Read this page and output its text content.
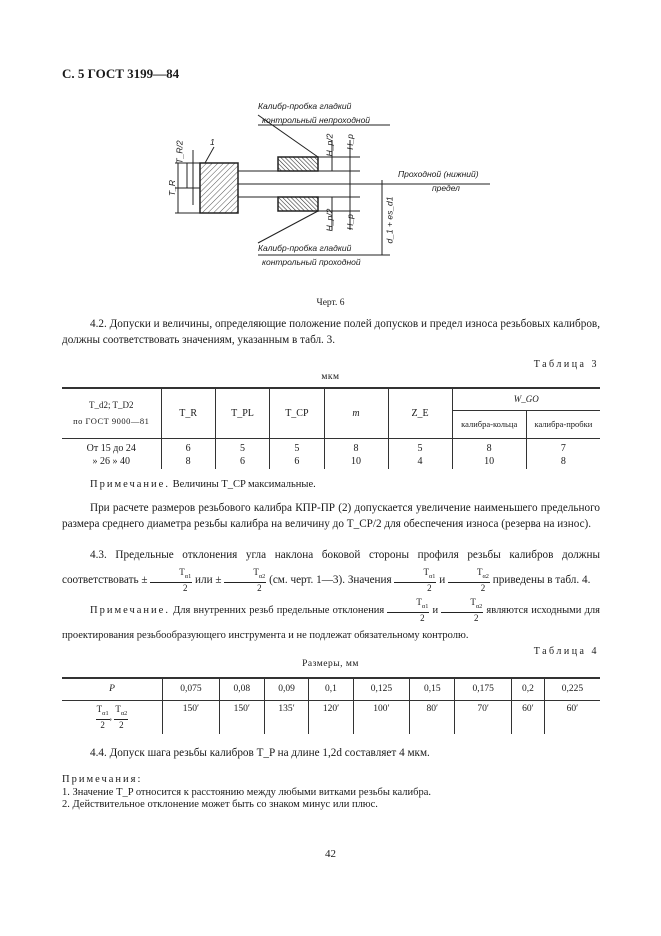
С. 5 ГОСТ 3199—84
Калибр-пробка гладкий
контрольный непроходной
Проходной (нижний)
предел
Калибр-пробка гладкий
контрольный проходной
1
T_R/2
T_R
H_p/2 H_p
H_p/2 H_p	d_1 + es_d1
Черт. 6
4.2. Допуски и величины, определяющие положение полей допусков и предел износа резьбовых калибров, должны соответствовать значениям, указанным в табл. 3.
Таблица 3
мкм
T_d2; T_D2
по ГОСТ 9000—81	T_R	T_PL	T_CP	m	Z_E	W_GO	
						калибра-кольца	калибра-пробки
От 15 до 24	6	5	5	8	5	8	7
» 26 » 40	8	6	6	10	4	10	8
Примечание. Величины T_CP максимальные.
При расчете размеров резьбового калибра КПР-ПР (2) допускается увеличение наименьшего предельного размера среднего диаметра резьбы калибра на величину до T_CP/2 для обеспечения износа (резерва на износ).
4.3. Предельные отклонения угла наклона боковой стороны профиля резьбы калибров должны соответствовать ± $\frac{T_{\alpha 1}}{2}$ или ± $\frac{T_{\alpha 2}}{2} (см$. черт. 1—3). Значения $\frac{T_{\alpha 1}}{2}$ и $\frac{T_{\alpha 2}}{2}$ приведены в табл. 4.
Примечание. Для внутренних резьб предельные отклонения $\frac{T_{\alpha 1}}{2}$ и $\frac{T_{\alpha 2}}{2}$ являются исходными для проектирования резьбообразующего инструмента и не подлежат обязательному контролю.
Таблица 4
Размеры, мм
P	0,075	0,08	0,09	0,1	0,125	0,15	0,175	0,2	0,225

$\frac{T_{\alpha 1}}{2}$ , $\frac{T_{\alpha 2}}{2}$	150′	150′	135′	120′	100′	80′	70′	60′	60′
4.4. Допуск шага резьбы калибров T_P на длине 1,2d составляет 4 мкм.
Примечания:
1. Значение T_P относится к расстоянию между любыми витками резьбы калибра.
2. Действительное отклонение может быть со знаком минус или плюс.
42
